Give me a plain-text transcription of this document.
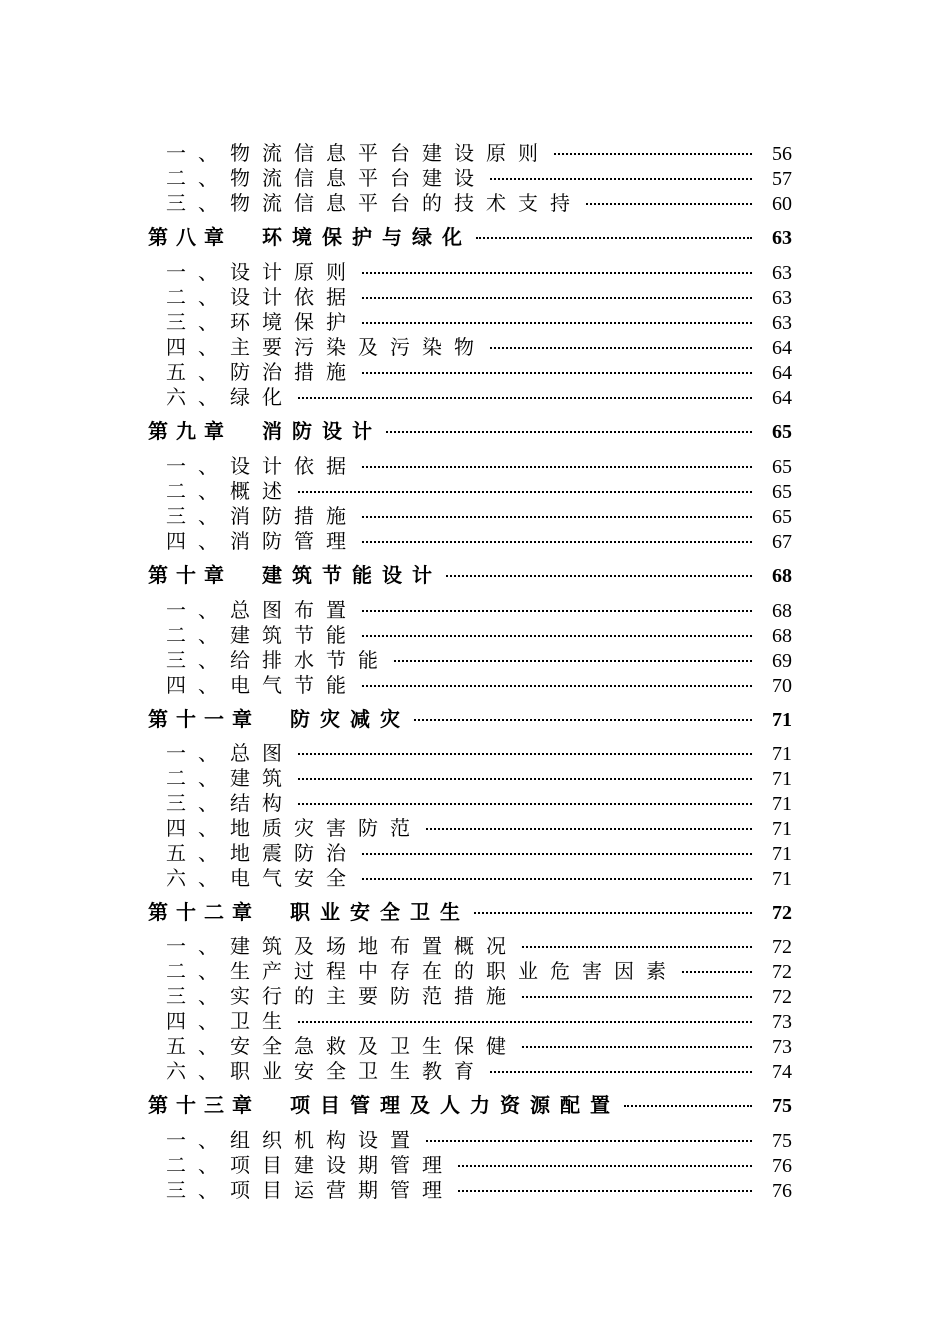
一、物流信息平台建设原则	56
二、物流信息平台建设	57
三、物流信息平台的技术支持	60
第八章 环境保护与绿化	63
一、设计原则	63
二、设计依据	63
三、环境保护	63
四、主要污染及污染物	64
五、防治措施	64
六、绿化	64
第九章 消防设计	65
一、设计依据	65
二、概述	65
三、消防措施	65
四、消防管理	67
第十章 建筑节能设计	68
一、总图布置	68
二、建筑节能	68
三、给排水节能	69
四、电气节能	70
第十一章 防灾减灾	71
一、总图	71
二、建筑	71
三、结构	71
四、地质灾害防范	71
五、地震防治	71
六、电气安全	71
第十二章 职业安全卫生	72
一、建筑及场地布置概况	72
二、生产过程中存在的职业危害因素	72
三、实行的主要防范措施	72
四、卫生	73
五、安全急救及卫生保健	73
六、职业安全卫生教育	74
第十三章 项目管理及人力资源配置	75
一、组织机构设置	75
二、项目建设期管理	76
三、项目运营期管理	76
